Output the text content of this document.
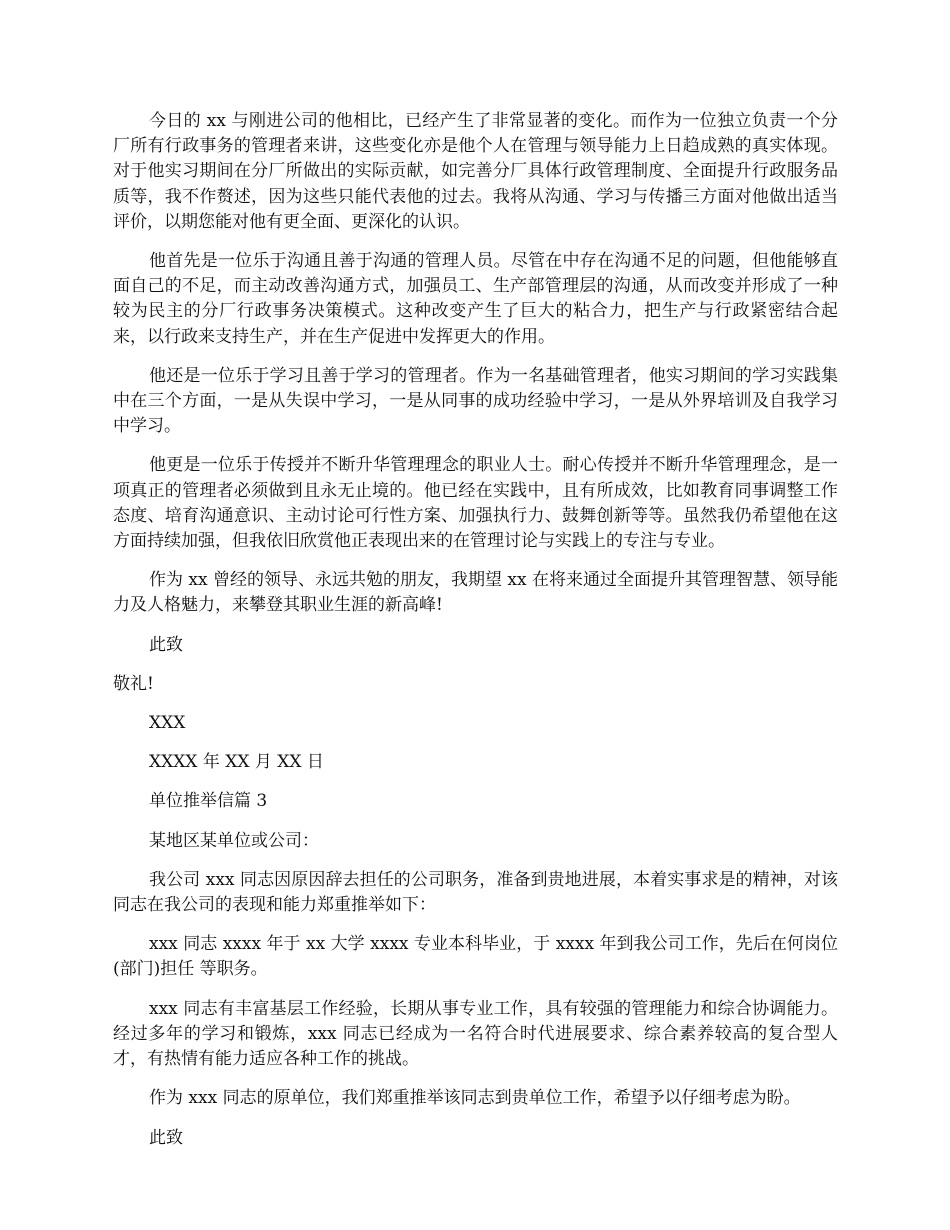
今日的 xx 与刚进公司的他相比，已经产生了非常显著的变化。而作为一位独立负责一个分厂所有行政事务的管理者来讲，这些变化亦是他个人在管理与领导能力上日趋成熟的真实体现。对于他实习期间在分厂所做出的实际贡献，如完善分厂具体行政管理制度、全面提升行政服务品质等，我不作赘述，因为这些只能代表他的过去。我将从沟通、学习与传播三方面对他做出适当评价，以期您能对他有更全面、更深化的认识。

他首先是一位乐于沟通且善于沟通的管理人员。尽管在中存在沟通不足的问题，但他能够直面自己的不足，而主动改善沟通方式，加强员工、生产部管理层的沟通，从而改变并形成了一种较为民主的分厂行政事务决策模式。这种改变产生了巨大的粘合力，把生产与行政紧密结合起来，以行政来支持生产，并在生产促进中发挥更大的作用。

他还是一位乐于学习且善于学习的管理者。作为一名基础管理者，他实习期间的学习实践集中在三个方面，一是从失误中学习，一是从同事的成功经验中学习，一是从外界培训及自我学习中学习。

他更是一位乐于传授并不断升华管理理念的职业人士。耐心传授并不断升华管理理念，是一项真正的管理者必须做到且永无止境的。他已经在实践中，且有所成效，比如教育同事调整工作态度、培育沟通意识、主动讨论可行性方案、加强执行力、鼓舞创新等等。虽然我仍希望他在这方面持续加强，但我依旧欣赏他正表现出来的在管理讨论与实践上的专注与专业。

作为 xx 曾经的领导、永远共勉的朋友，我期望 xx 在将来通过全面提升其管理智慧、领导能力及人格魅力，来攀登其职业生涯的新高峰!

此致

敬礼!

XXX

XXXX 年 XX 月 XX 日

单位推举信篇 3

某地区某单位或公司：

我公司 xxx 同志因原因辞去担任的公司职务，准备到贵地进展，本着实事求是的精神，对该同志在我公司的表现和能力郑重推举如下：

xxx 同志 xxxx 年于 xx 大学 xxxx 专业本科毕业，于 xxxx 年到我公司工作，先后在何岗位(部门)担任 等职务。

xxx 同志有丰富基层工作经验，长期从事专业工作，具有较强的管理能力和综合协调能力。经过多年的学习和锻炼，xxx 同志已经成为一名符合时代进展要求、综合素养较高的复合型人才，有热情有能力适应各种工作的挑战。

作为 xxx 同志的原单位，我们郑重推举该同志到贵单位工作，希望予以仔细考虑为盼。

此致
